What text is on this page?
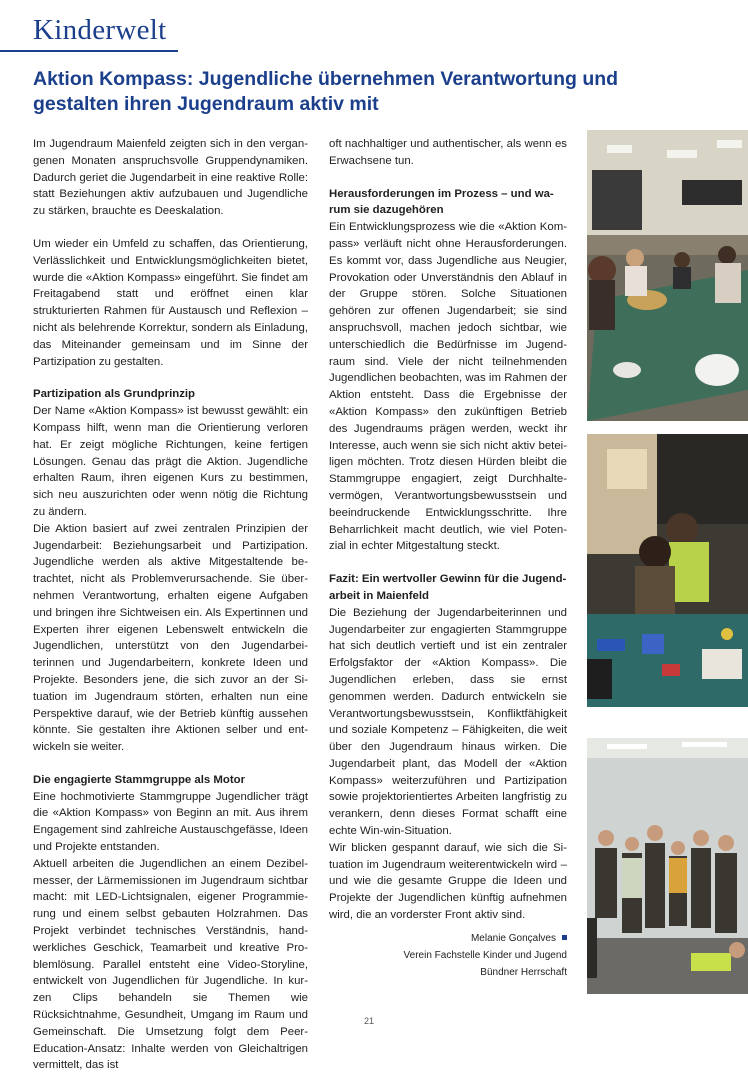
Kinderwelt
Aktion Kompass: Jugendliche übernehmen Verantwortung und gestalten ihren Jugendraum aktiv mit

Im Jugendraum Maienfeld zeigten sich in den vergangenen Monaten anspruchsvolle Gruppendynamiken. Dadurch geriet die Jugendarbeit in eine reaktive Rolle: statt Beziehungen aktiv aufzubauen und Jugendliche zu stärken, brauchte es Deeskalation.

Um wieder ein Umfeld zu schaffen, das Orientierung, Verlässlichkeit und Entwicklungsmöglichkeiten bietet, wurde die «Aktion Kompass» eingeführt. Sie findet am Freitagabend statt und eröffnet einen klar strukturierten Rahmen für Austausch und Reflexion – nicht als belehrende Korrektur, sondern als Einladung, das Miteinander gemeinsam und im Sinne der Partizipation zu gestalten.

Partizipation als Grundprinzip

Der Name «Aktion Kompass» ist bewusst gewählt: ein Kompass hilft, wenn man die Orientierung verloren hat. Er zeigt mögliche Richtungen, keine fertigen Lösungen. Genau das prägt die Aktion. Jugendliche erhalten Raum, ihren eigenen Kurs zu bestimmen, sich neu auszurichten oder wenn nötig die Richtung zu ändern.

Die Aktion basiert auf zwei zentralen Prinzipien der Jugendarbeit: Beziehungsarbeit und Partizipation. Jugendliche werden als aktive Mitgestaltende betrachtet, nicht als Problemverursachende. Sie übernehmen Verantwortung, erhalten eigene Aufgaben und bringen ihre Sichtweisen ein. Als Expertinnen und Experten ihrer eigenen Lebenswelt entwickeln die Jugendlichen, unterstützt von den Jugendarbeiterinnen und Jugendarbeitern, konkrete Ideen und Projekte. Besonders jene, die sich zuvor an der Situation im Jugendraum störten, erhalten nun eine Perspektive darauf, wie der Betrieb künftig aussehen könnte. Sie gestalten ihre Aktionen selber und entwickeln sie weiter.

Die engagierte Stammgruppe als Motor

Eine hochmotivierte Stammgruppe Jugendlicher trägt die «Aktion Kompass» von Beginn an mit. Aus ihrem Engagement sind zahlreiche Austauschgefässe, Ideen und Projekte entstanden.

Aktuell arbeiten die Jugendlichen an einem Dezibelmesser, der Lärmemissionen im Jugendraum sichtbar macht: mit LED-Lichtsignalen, eigener Programmierung und einem selbst gebauten Holzrahmen. Das Projekt verbindet technisches Verständnis, handwerkliches Geschick, Teamarbeit und kreative Problemlösung. Parallel entsteht eine Video-Storyline, entwickelt von Jugendlichen für Jugendliche. In kurzen Clips behandeln sie Themen wie Rücksichtnahme, Gesundheit, Umgang im Raum und Gemeinschaft. Die Umsetzung folgt dem Peer-Education-Ansatz: Inhalte werden von Gleichaltrigen vermittelt, das ist

oft nachhaltiger und authentischer, als wenn es Erwachsene tun.

Herausforderungen im Prozess – und warum sie dazugehören

Ein Entwicklungsprozess wie die «Aktion Kompass» verläuft nicht ohne Herausforderungen. Es kommt vor, dass Jugendliche aus Neugier, Provokation oder Unverständnis den Ablauf in der Gruppe stören. Solche Situationen gehören zur offenen Jugendarbeit; sie sind anspruchsvoll, machen jedoch sichtbar, wie unterschiedlich die Bedürfnisse im Jugendraum sind. Viele der nicht teilnehmenden Jugendlichen beobachten, was im Rahmen der Aktion entsteht. Dass die Ergebnisse der «Aktion Kompass» den zukünftigen Betrieb des Jugendraums prägen werden, weckt ihr Interesse, auch wenn sie sich nicht aktiv beteiligen möchten. Trotz diesen Hürden bleibt die Stammgruppe engagiert, zeigt Durchhaltevermögen, Verantwortungsbewusstsein und beeindruckende Entwicklungsschritte. Ihre Beharrlichkeit macht deutlich, wie viel Potenzial in echter Mitgestaltung steckt.

Fazit: Ein wertvoller Gewinn für die Jugendarbeit in Maienfeld

Die Beziehung der Jugendarbeiterinnen und Jugendarbeiter zur engagierten Stammgruppe hat sich deutlich vertieft und ist ein zentraler Erfolgsfaktor der «Aktion Kompass». Die Jugendlichen erleben, dass sie ernst genommen werden. Dadurch entwickeln sie Verantwortungsbewusstsein, Konfliktfähigkeit und soziale Kompetenz – Fähigkeiten, die weit über den Jugendraum hinaus wirken. Die Jugendarbeit plant, das Modell der «Aktion Kompass» weiterzuführen und Partizipation sowie projektorientiertes Arbeiten langfristig zu verankern, denn dieses Format schafft eine echte Win-win-Situation.

Wir blicken gespannt darauf, wie sich die Situation im Jugendraum weiterentwickeln wird – und wie die gesamte Gruppe die Ideen und Projekte der Jugendlichen künftig aufnehmen wird, die an vorderster Front aktiv sind.

Melanie Gonçalves
Verein Fachstelle Kinder und Jugend
Bündner Herrschaft
21
